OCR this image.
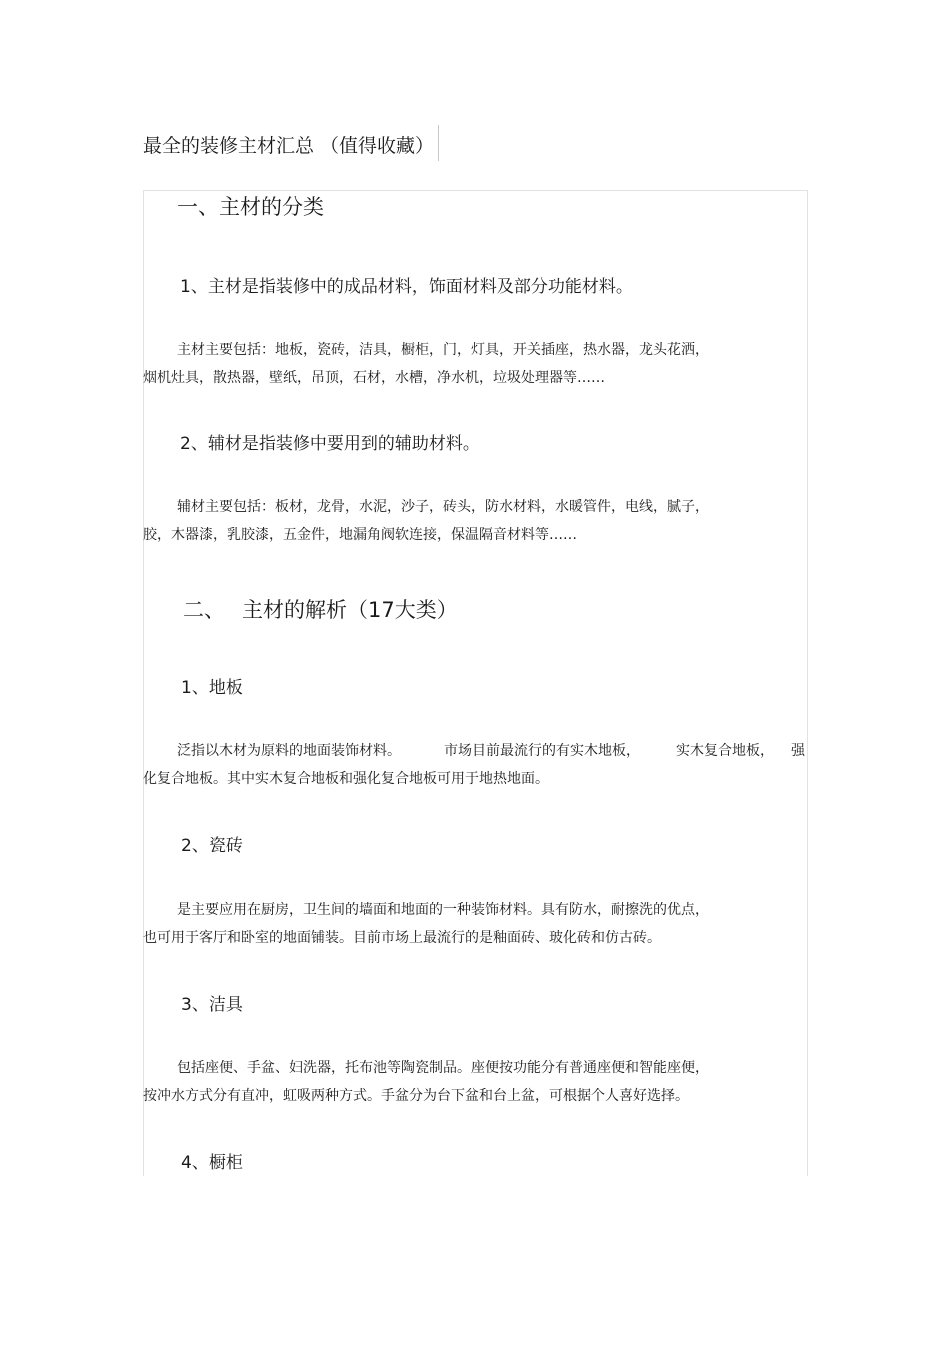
最全的装修主材汇总 （值得收藏）
一、主材的分类
1、主材是指装修中的成品材料，饰面材料及部分功能材料。
主材主要包括：地板，瓷砖，洁具，橱柜，门，灯具，开关插座，热水器，龙头花洒，
烟机灶具，散热器，壁纸，吊顶，石材，水槽，净水机，垃圾处理器等……
2、辅材是指装修中要用到的辅助材料。
辅材主要包括：板材，龙骨，水泥，沙子，砖头，防水材料，水暖管件，电线，腻子，
胶，木器漆，乳胶漆，五金件，地漏角阀软连接，保温隔音材料等……
二、 主材的解析（17大类）
1、地板
泛指以木材为原料的地面装饰材料。	市场目前最流行的有实木地板，	实木复合地板， 强
化复合地板。其中实木复合地板和强化复合地板可用于地热地面。
2、瓷砖
是主要应用在厨房，卫生间的墙面和地面的一种装饰材料。具有防水，耐擦洗的优点，
也可用于客厅和卧室的地面铺装。目前市场上最流行的是釉面砖、玻化砖和仿古砖。
3、洁具
包括座便、手盆、妇洗器，托布池等陶瓷制品。座便按功能分有普通座便和智能座便，
按冲水方式分有直冲，虹吸两种方式。手盆分为台下盆和台上盆，可根据个人喜好选择。
4、橱柜
